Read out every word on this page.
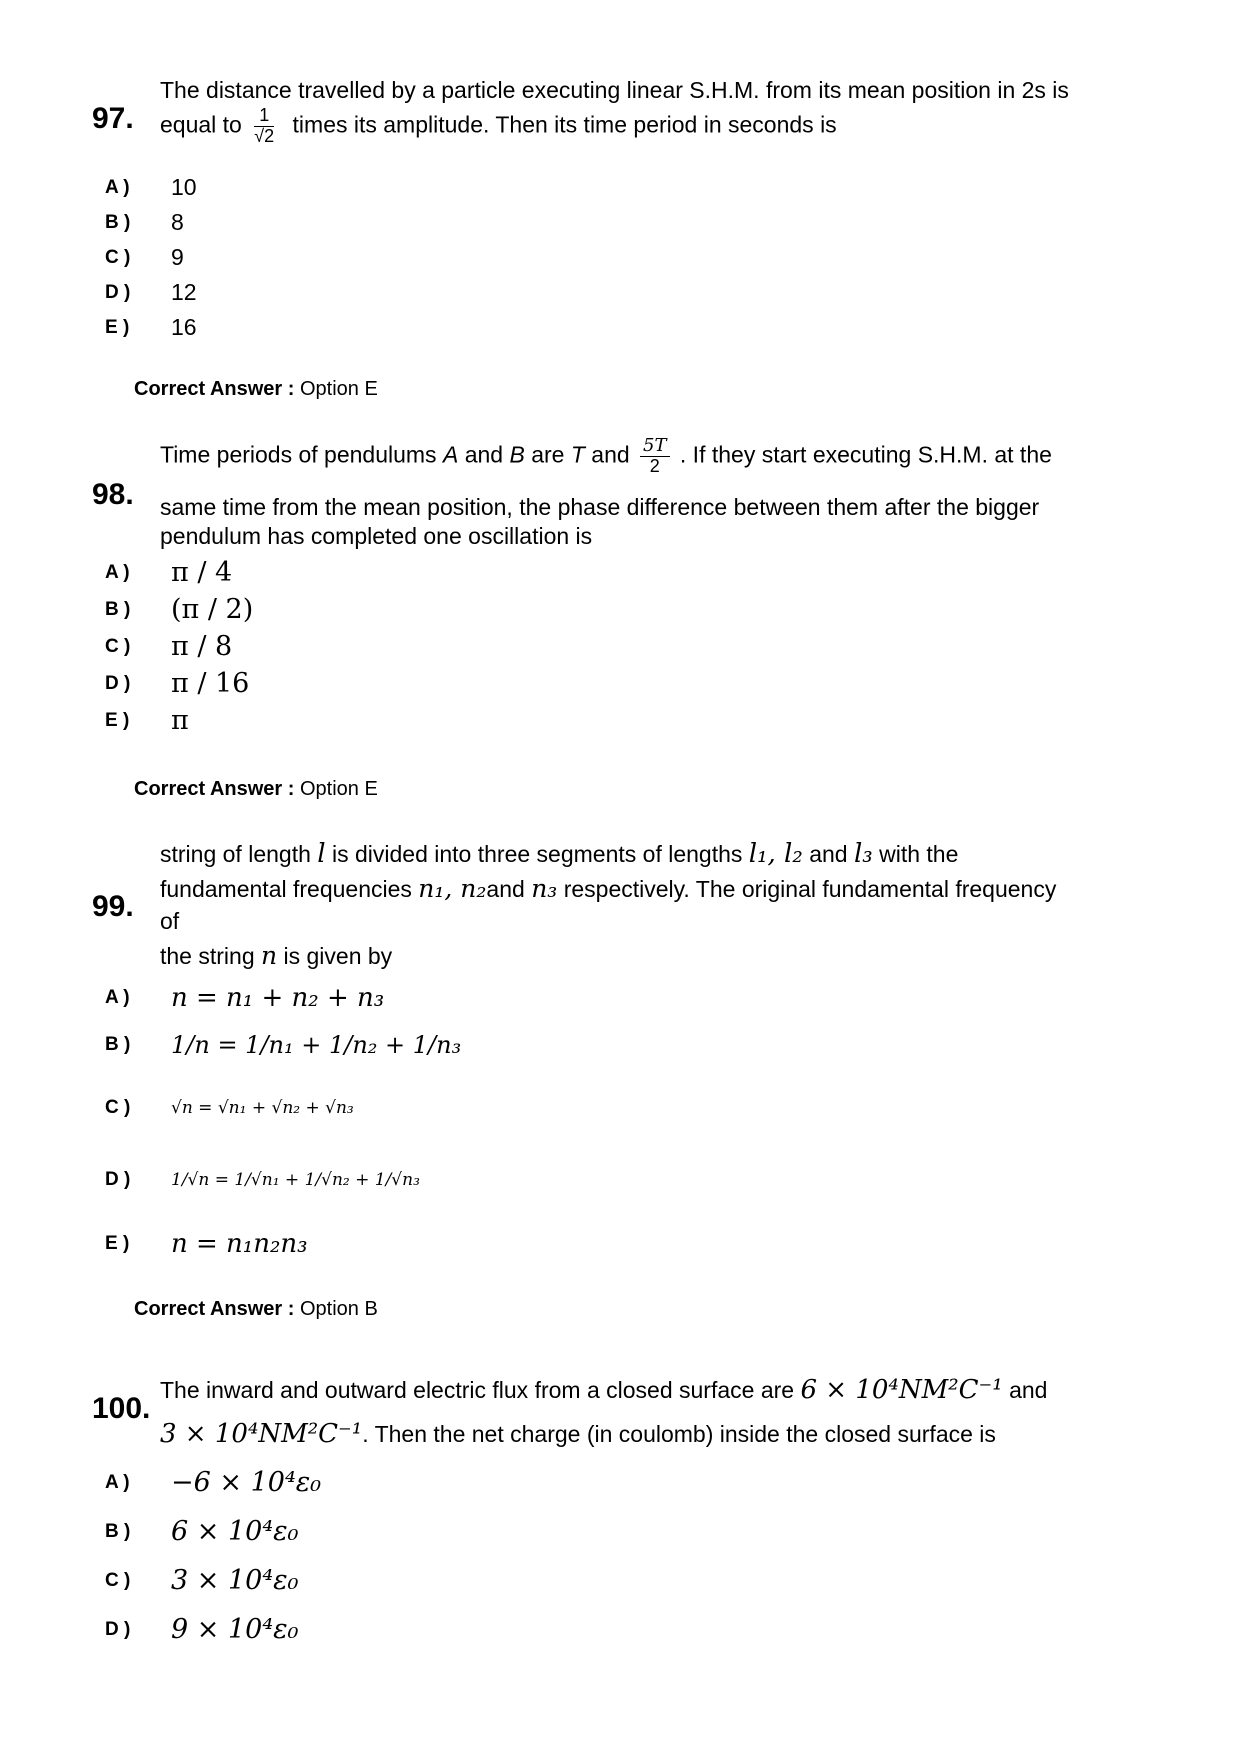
97.
The distance travelled by a particle executing linear S.H.M. from its mean position in 2s is
equal to $\frac{1}{√2}$ times its amplitude. Then its time period in seconds is
A )	10
B )	8
C )	9
D )	12
E )	16
Correct Answer : Option E
98.
Time periods of pendulums A and B are T and $\frac{5T}{2}$ . If they start executing S.H.M. at the
same time from the mean position, the phase difference between them after the bigger
pendulum has completed one oscillation is
A )	π / 4
B )	(π / 2)
C )	π / 8
D )	π / 16
E )	π
Correct Answer : Option E
99.
string of length l is divided into three segments of lengths l₁, l₂ and l₃ with the
fundamental frequencies n₁, n₂and n₃ respectively. The original fundamental frequency
of
the string n is given by
A )	n = n₁ + n₂ + n₃
B )	1/n = 1/n₁ + 1/n₂ + 1/n₃
C )	√n = √n₁ + √n₂ + √n₃
D )	1/√n = 1/√n₁ + 1/√n₂ + 1/√n₃
E )	n = n₁n₂n₃
Correct Answer : Option B
100.
The inward and outward electric flux from a closed surface are 6 × 10⁴NM²C⁻¹ and
3 × 10⁴NM²C⁻¹. Then the net charge (in coulomb) inside the closed surface is
A )	−6 × 10⁴ε₀
B )	6 × 10⁴ε₀
C )	3 × 10⁴ε₀
D )	9 × 10⁴ε₀
